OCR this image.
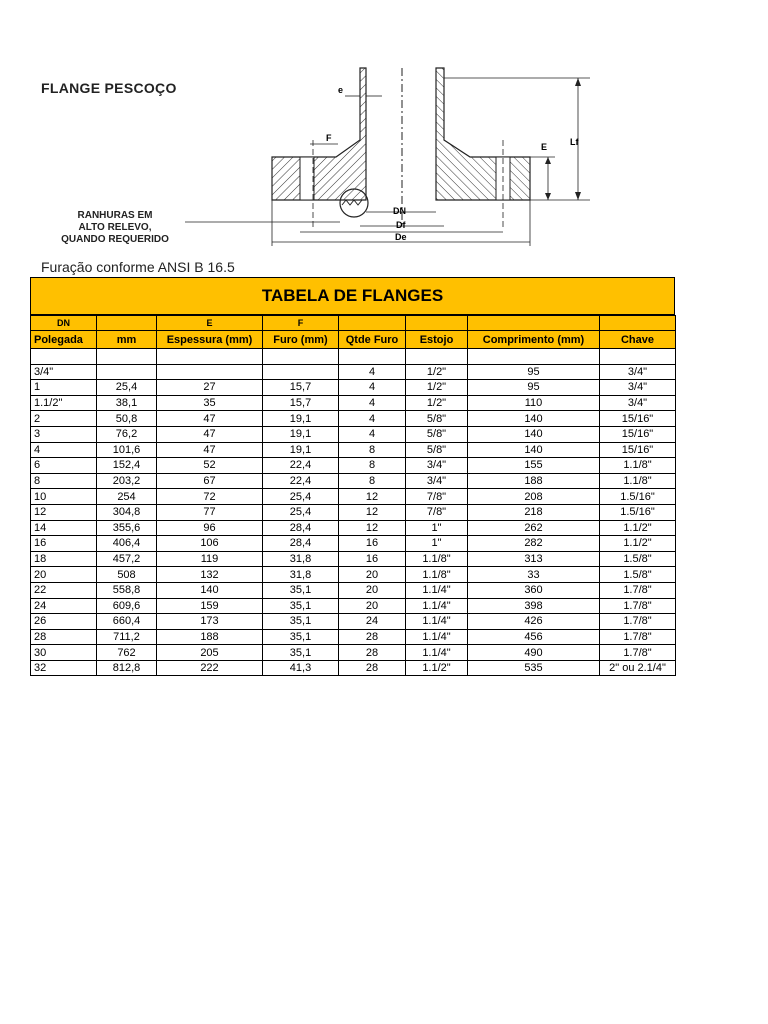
e
F
E	Lf
DN
Df
De
FLANGE PESCOÇO
RANHURAS EM
ALTO RELEVO,
QUANDO REQUERIDO
Furação conforme ANSI B 16.5
TABELA DE FLANGES
DN		E	F				
Polegada	mm	Espessura (mm)	Furo (mm)	Qtde Furo	Estojo	Comprimento (mm)	Chave

3/4"				4	1/2"	95	3/4"
1	25,4	27	15,7	4	1/2"	95	3/4"
1.1/2"	38,1	35	15,7	4	1/2"	110	3/4"
2	50,8	47	19,1	4	5/8"	140	15/16"
3	76,2	47	19,1	4	5/8"	140	15/16"
4	101,6	47	19,1	8	5/8"	140	15/16"
6	152,4	52	22,4	8	3/4"	155	1.1/8"
8	203,2	67	22,4	8	3/4"	188	1.1/8"
10	254	72	25,4	12	7/8"	208	1.5/16"
12	304,8	77	25,4	12	7/8"	218	1.5/16"
14	355,6	96	28,4	12	1"	262	1.1/2"
16	406,4	106	28,4	16	1"	282	1.1/2"
18	457,2	119	31,8	16	1.1/8"	313	1.5/8"
20	508	132	31,8	20	1.1/8"	33	1.5/8"
22	558,8	140	35,1	20	1.1/4"	360	1.7/8"
24	609,6	159	35,1	20	1.1/4"	398	1.7/8"
26	660,4	173	35,1	24	1.1/4"	426	1.7/8"
28	711,2	188	35,1	28	1.1/4"	456	1.7/8"
30	762	205	35,1	28	1.1/4"	490	1.7/8"
32	812,8	222	41,3	28	1.1/2"	535	2" ou 2.1/4"
